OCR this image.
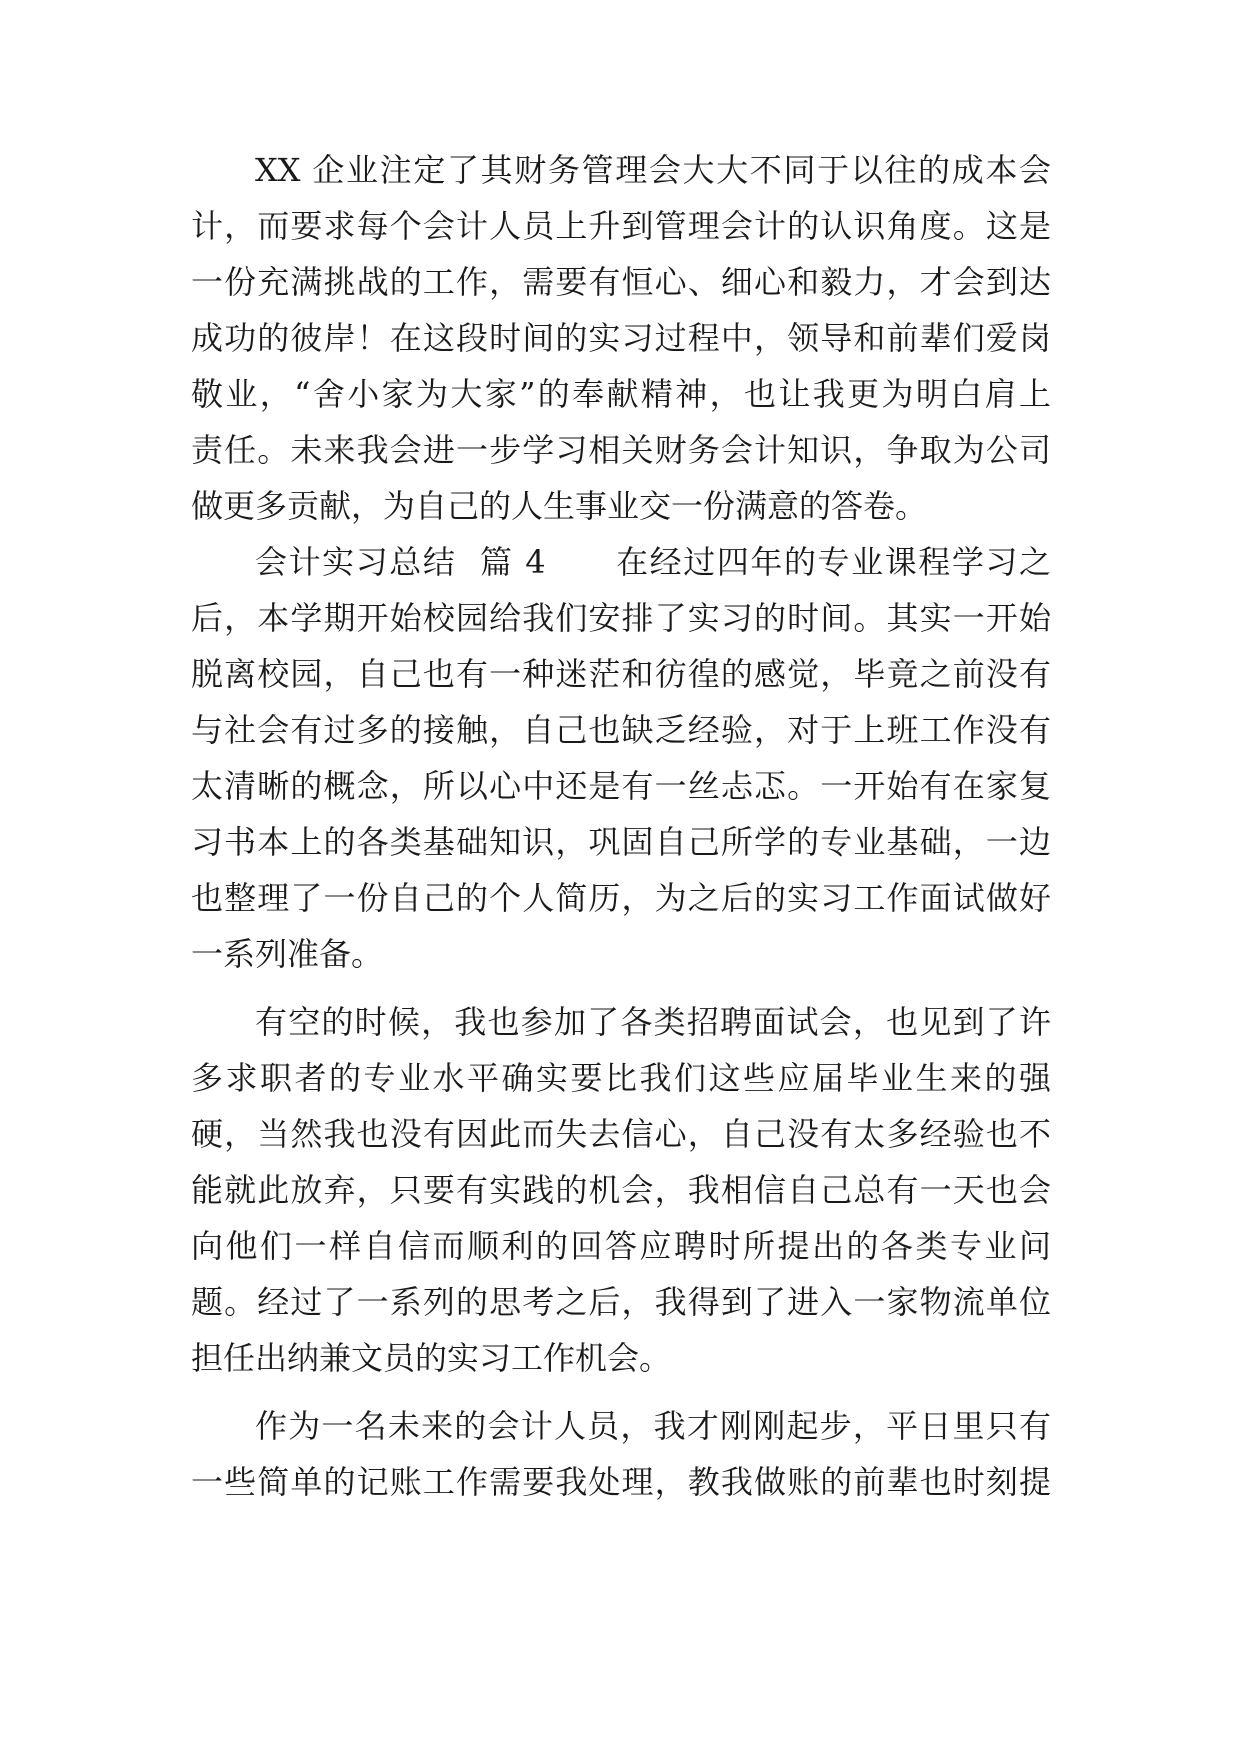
XX 企业注定了其财务管理会大大不同于以往的成本会
计，而要求每个会计人员上升到管理会计的认识角度。这是
一份充满挑战的工作，需要有恒心、细心和毅力，才会到达
成功的彼岸！在这段时间的实习过程中，领导和前辈们爱岗
敬业，“舍小家为大家”的奉献精神，也让我更为明白肩上
责任。未来我会进一步学习相关财务会计知识，争取为公司
做更多贡献，为自己的人生事业交一份满意的答卷。
会计实习总结  篇 4      在经过四年的专业课程学习之
后，本学期开始校园给我们安排了实习的时间。其实一开始
脱离校园，自己也有一种迷茫和彷徨的感觉，毕竟之前没有
与社会有过多的接触，自己也缺乏经验，对于上班工作没有
太清晰的概念，所以心中还是有一丝忐忑。一开始有在家复
习书本上的各类基础知识，巩固自己所学的专业基础，一边
也整理了一份自己的个人简历，为之后的实习工作面试做好
一系列准备。
有空的时候，我也参加了各类招聘面试会，也见到了许
多求职者的专业水平确实要比我们这些应届毕业生来的强
硬，当然我也没有因此而失去信心，自己没有太多经验也不
能就此放弃，只要有实践的机会，我相信自己总有一天也会
向他们一样自信而顺利的回答应聘时所提出的各类专业问
题。经过了一系列的思考之后，我得到了进入一家物流单位
担任出纳兼文员的实习工作机会。
作为一名未来的会计人员，我才刚刚起步，平日里只有
一些简单的记账工作需要我处理，教我做账的前辈也时刻提
